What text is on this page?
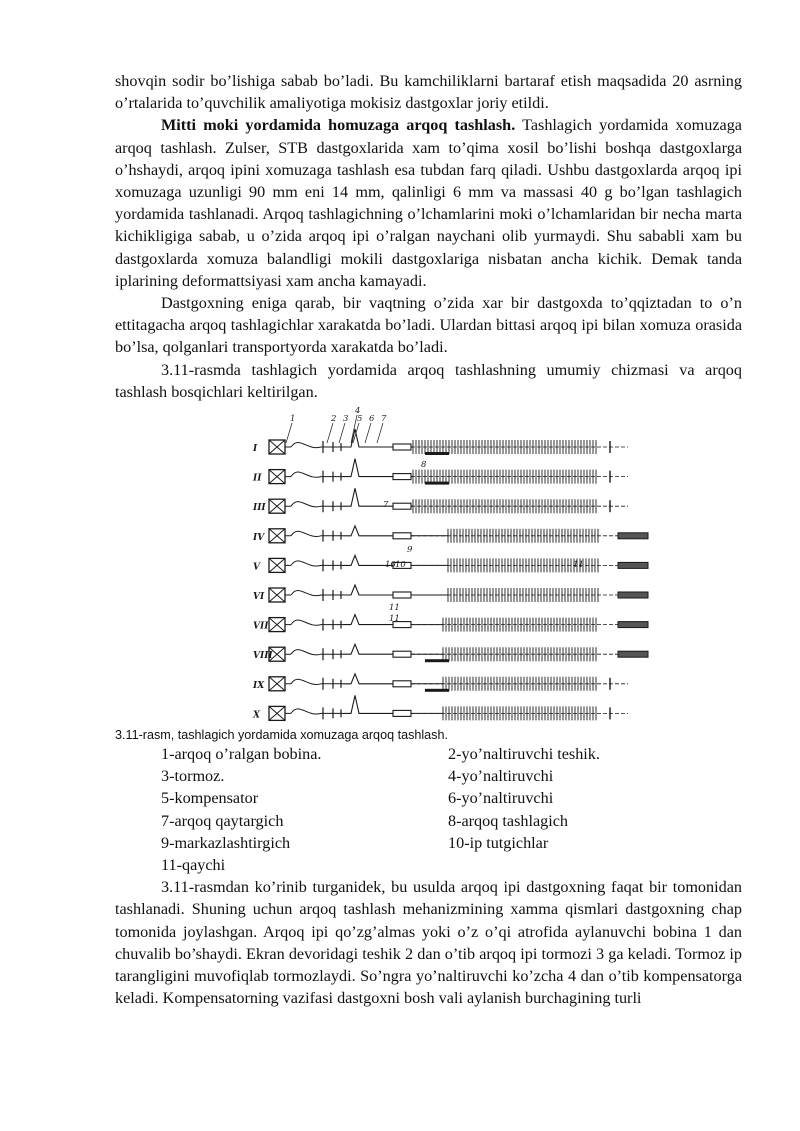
shovqin sodir bo’lishiga sabab bo’ladi. Bu kamchiliklarni bartaraf etish maqsadida 20 asrning o’rtalarida to’quvchilik amaliyotiga mokisiz dastgoxlar joriy etildi.

Mitti moki yordamida homuzaga arqoq tashlash. Tashlagich yordamida xomuzaga arqoq tashlash. Zulser, STB dastgoxlarida xam to’qima xosil bo’lishi boshqa dastgoxlarga o’hshaydi, arqoq ipini xomuzaga tashlash esa tubdan farq qiladi. Ushbu dastgoxlarda arqoq ipi xomuzaga uzunligi 90 mm eni 14 mm, qalinligi 6 mm va massasi 40 g bo’lgan tashlagich yordamida tashlanadi. Arqoq tashlagichning o’lchamlarini moki o’lchamlaridan bir necha marta kichikligiga sabab, u o’zida arqoq ipi o’ralgan naychani olib yurmaydi. Shu sababli xam bu dastgoxlarda xomuza balandligi mokili dastgoxlariga nisbatan ancha kichik. Demak tanda iplarining deformattsiyasi xam ancha kamayadi.

Dastgoxning eniga qarab, bir vaqtning o’zida xar bir dastgoxda to’qqiztadan to o’n ettitagacha arqoq tashlagichlar xarakatda bo’ladi. Ulardan bittasi arqoq ipi bilan xomuza orasida bo’lsa, qolganlari transportyorda xarakatda bo’ladi.

3.11-rasmda tashlagich yordamida arqoq tashlashning umumiy chizmasi va arqoq tashlash bosqichlari keltirilgan.

I
II
III
IV
V
VI
VII
VIII
IX
X
1	2 3
4
5 6 7
8
7
9
10 10	11
11
11
3.11-rasm, tashlagich yordamida xomuzaga arqoq tashlash.
1-arqoq o’ralgan bobina.	2-yo’naltiruvchi teshik.
3-tormoz.	4-yo’naltiruvchi
5-kompensator	6-yo’naltiruvchi
7-arqoq qaytargich	8-arqoq tashlagich
9-markazlashtirgich	10-ip tutgichlar
11-qaychi

3.11-rasmdan ko’rinib turganidek, bu usulda arqoq ipi dastgoxning faqat bir tomonidan tashlanadi. Shuning uchun arqoq tashlash mehanizmining xamma qismlari dastgoxning chap tomonida joylashgan. Arqoq ipi qo’zg’almas yoki o’z o’qi atrofida aylanuvchi bobina 1 dan chuvalib bo’shaydi. Ekran devoridagi teshik 2 dan o’tib arqoq ipi tormozi 3 ga keladi. Tormoz ip tarangligini muvofiqlab tormozlaydi. So’ngra yo’naltiruvchi ko’zcha 4 dan o’tib kompensatorga keladi. Kompensatorning vazifasi dastgoxni bosh vali aylanish burchagining turli
